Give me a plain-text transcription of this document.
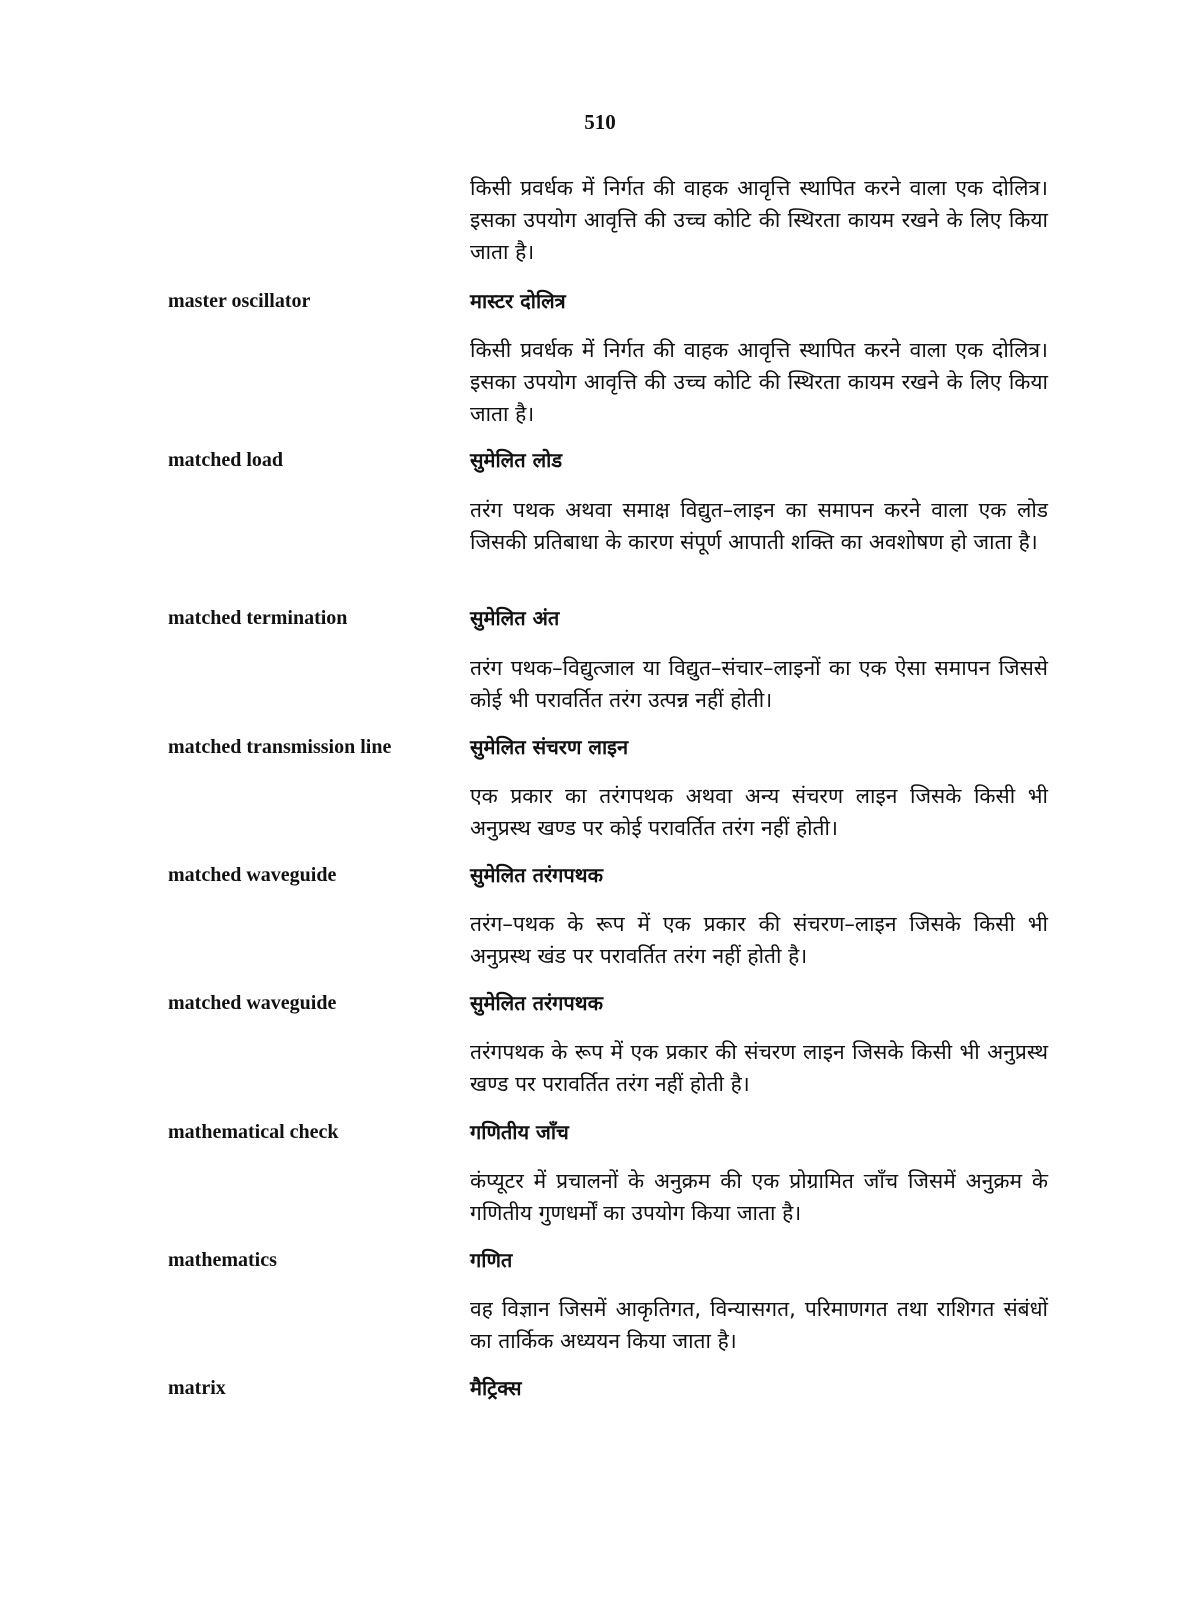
510

किसी प्रवर्धक में निर्गत की वाहक आवृत्ति स्थापित करने वाला एक दोलित्र। इसका उपयोग आवृत्ति की उच्च कोटि की स्थिरता कायम रखने के लिए किया जाता है।

master oscillator	मास्टर दोलित्र

किसी प्रवर्धक में निर्गत की वाहक आवृत्ति स्थापित करने वाला एक दोलित्र। इसका उपयोग आवृत्ति की उच्च कोटि की स्थिरता कायम रखने के लिए किया जाता है।

matched load	सुमेलित लोड

तरंग पथक अथवा समाक्ष विद्युत–लाइन का समापन करने वाला एक लोड जिसकी प्रतिबाधा के कारण संपूर्ण आपाती शक्ति का अवशोषण हो जाता है।

matched termination	सुमेलित अंत

तरंग पथक–विद्युत्जाल या विद्युत–संचार–लाइनों का एक ऐसा समापन जिससे कोई भी परावर्तित तरंग उत्पन्न नहीं होती।

matched transmission line	सुमेलित संचरण लाइन

एक प्रकार का तरंगपथक अथवा अन्य संचरण लाइन जिसके किसी भी अनुप्रस्थ खण्ड पर कोई परावर्तित तरंग नहीं होती।

matched waveguide	सुमेलित तरंगपथक

तरंग–पथक के रूप में एक प्रकार की संचरण–लाइन जिसके किसी भी अनुप्रस्थ खंड पर परावर्तित तरंग नहीं होती है।

matched waveguide	सुमेलित तरंगपथक

तरंगपथक के रूप में एक प्रकार की संचरण लाइन जिसके किसी भी अनुप्रस्थ खण्ड पर परावर्तित तरंग नहीं होती है।

mathematical check	गणितीय जाँच

कंप्यूटर में प्रचालनों के अनुक्रम की एक प्रोग्रामित जाँच जिसमें अनुक्रम के गणितीय गुणधर्मों का उपयोग किया जाता है।

mathematics	गणित

वह विज्ञान जिसमें आकृतिगत, विन्यासगत, परिमाणगत तथा राशिगत संबंधों का तार्किक अध्ययन किया जाता है।

matrix	मैट्रिक्स
